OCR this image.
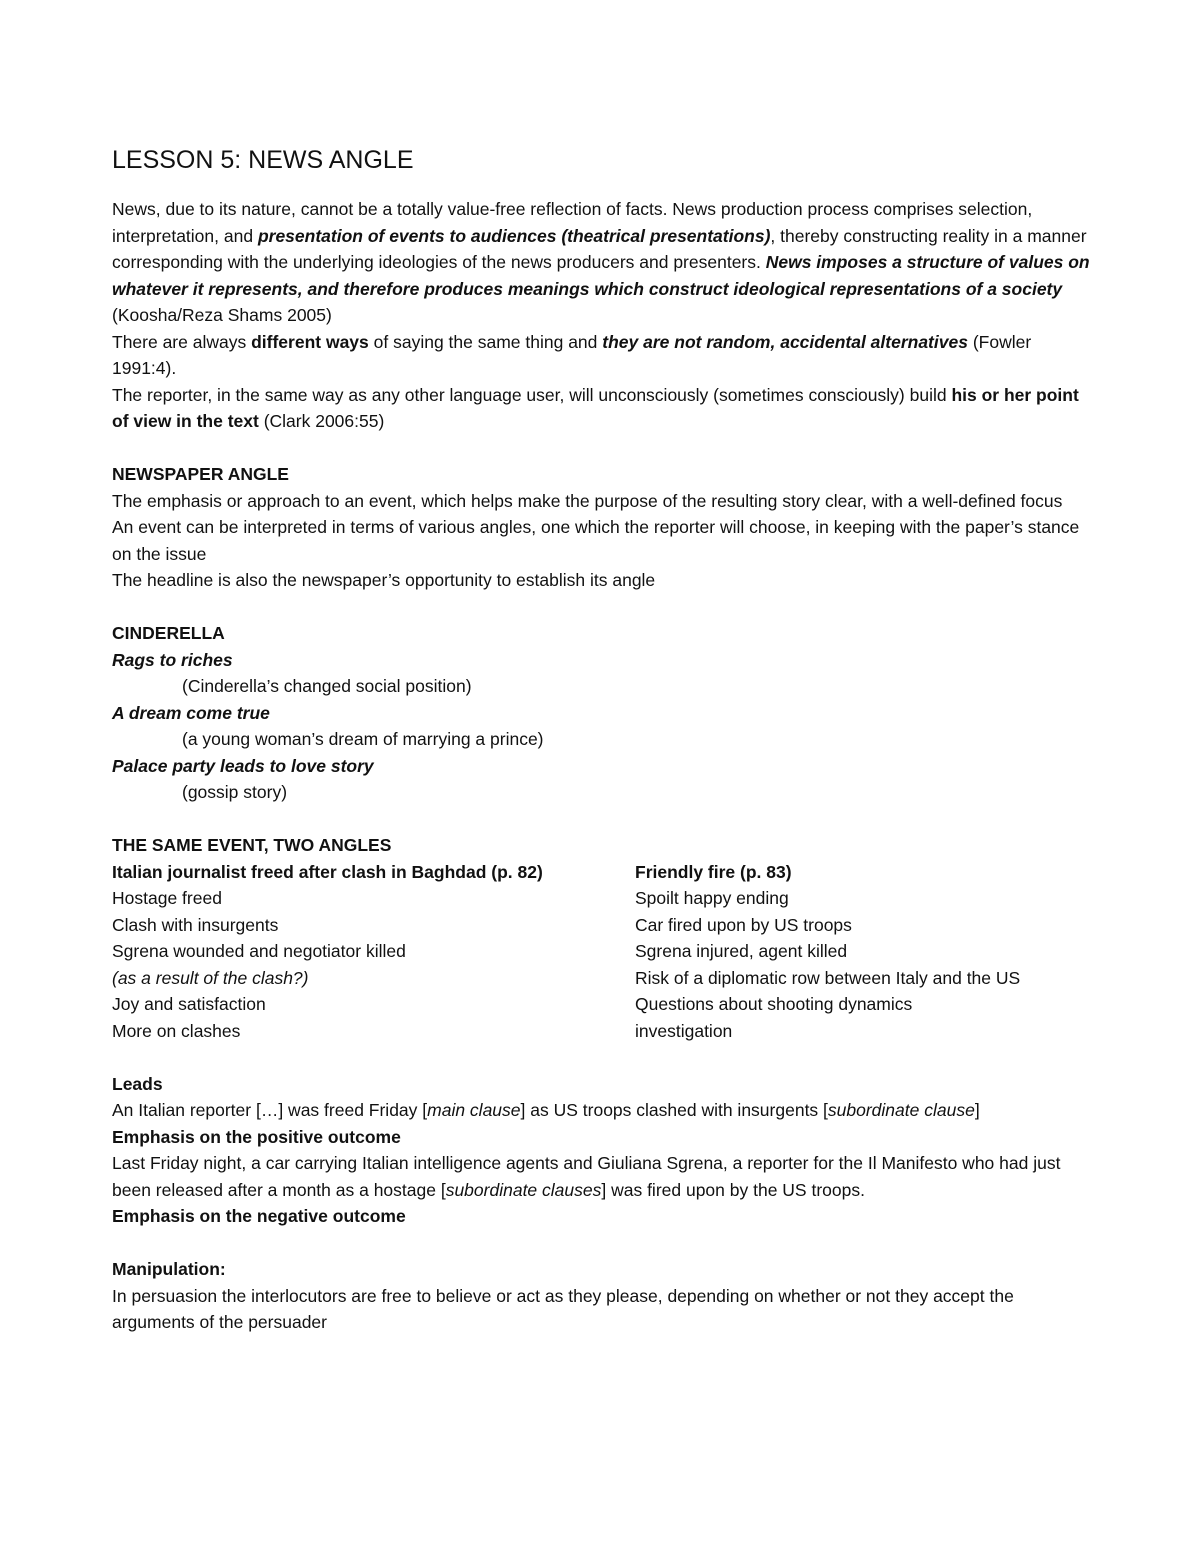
LESSON 5: NEWS ANGLE

News, due to its nature, cannot be a totally value-free reflection of facts. News production process comprises selection, interpretation, and presentation of events to audiences (theatrical presentations), thereby constructing reality in a manner corresponding with the underlying ideologies of the news producers and presenters. News imposes a structure of values on whatever it represents, and therefore produces meanings which construct ideological representations of a society (Koosha/Reza Shams 2005)

There are always different ways of saying the same thing and they are not random, accidental alternatives (Fowler 1991:4).

The reporter, in the same way as any other language user, will unconsciously (sometimes consciously) build his or her point of view in the text (Clark 2006:55)

NEWSPAPER ANGLE

The emphasis or approach to an event, which helps make the purpose of the resulting story clear, with a well-defined focus

An event can be interpreted in terms of various angles, one which the reporter will choose, in keeping with the paper’s stance on the issue

The headline is also the newspaper’s opportunity to establish its angle

CINDERELLA

Rags to riches

(Cinderella’s changed social position)

A dream come true

(a young woman’s dream of marrying a prince)

Palace party leads to love story

(gossip story)

THE SAME EVENT, TWO ANGLES

Italian journalist freed after clash in Baghdad (p. 82)

Hostage freed

Clash with insurgents

Sgrena wounded and negotiator killed

(as a result of the clash?)

Joy and satisfaction

More on clashes

Friendly fire (p. 83)

Spoilt happy ending

Car fired upon by US troops

Sgrena injured, agent killed

Risk of a diplomatic row between Italy and the US

Questions about shooting dynamics

investigation

Leads

An Italian reporter […] was freed Friday [main clause] as US troops clashed with insurgents [subordinate clause]

Emphasis on the positive outcome

Last Friday night, a car carrying Italian intelligence agents and Giuliana Sgrena, a reporter for the Il Manifesto who had just been released after a month as a hostage [subordinate clauses] was fired upon by the US troops.

Emphasis on the negative outcome

Manipulation:

In persuasion the interlocutors are free to believe or act as they please, depending on whether or not they accept the arguments of the persuader
